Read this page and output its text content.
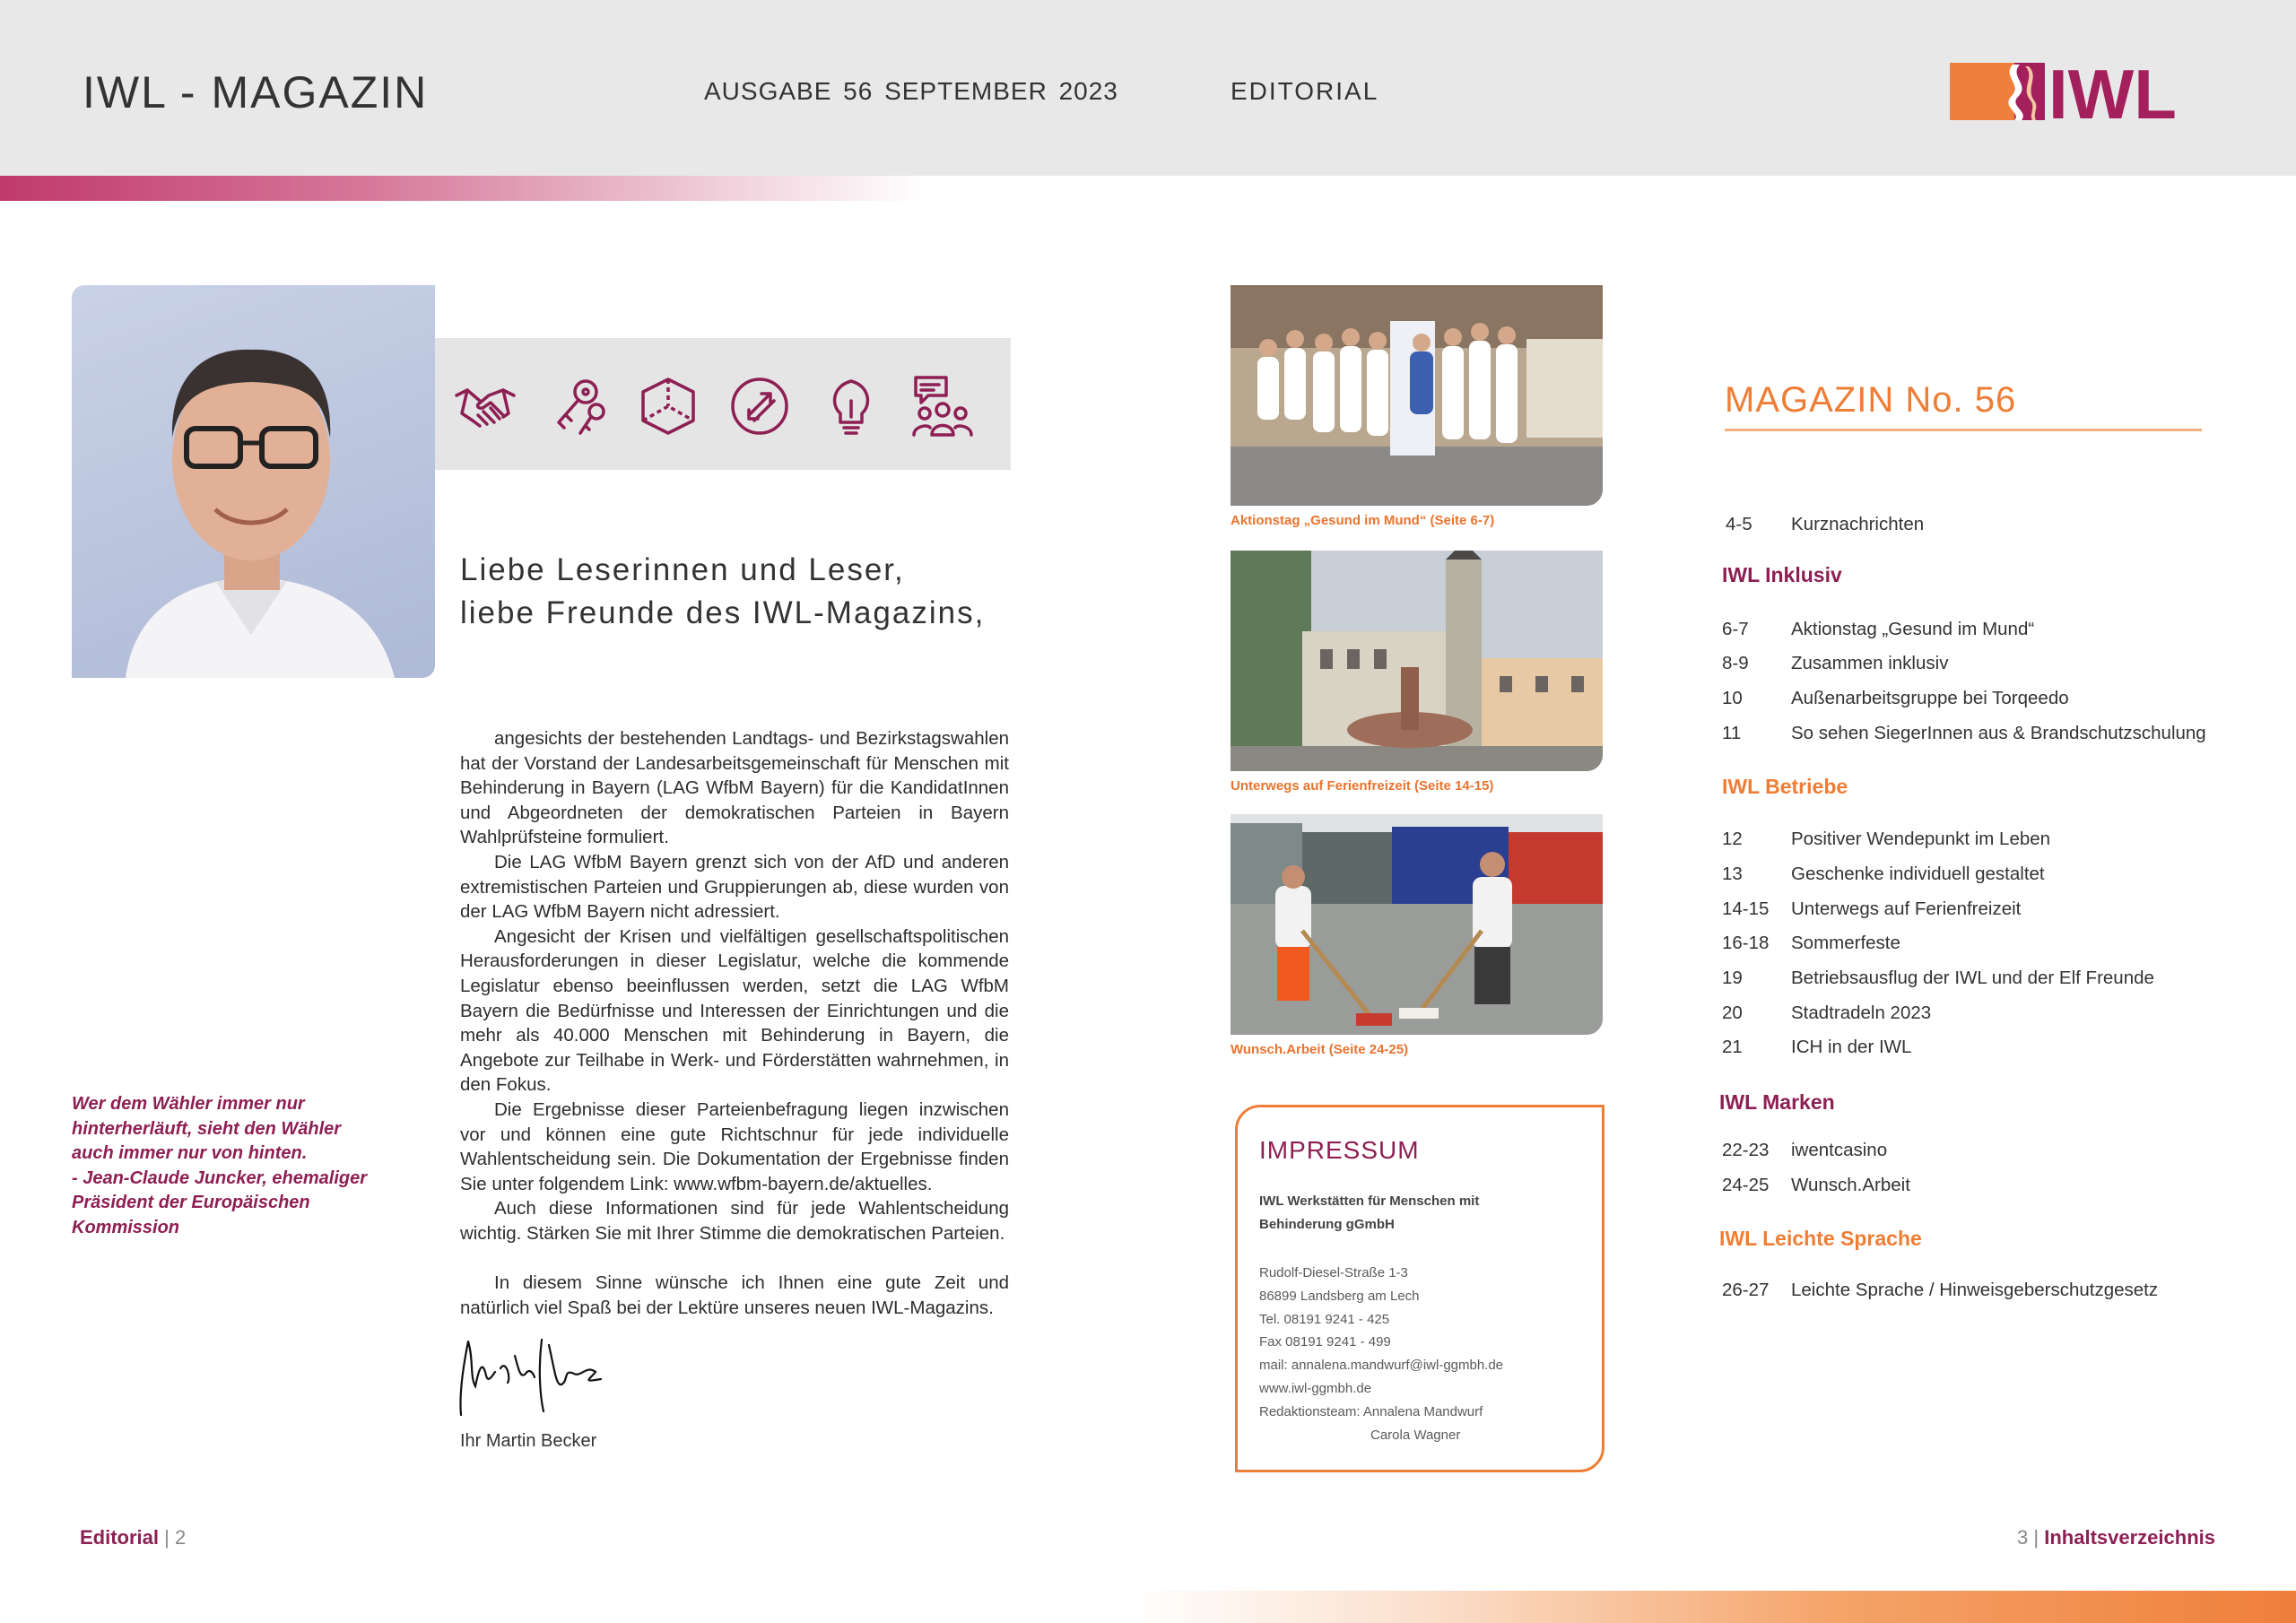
IWL - MAGAZIN	AUSGABE 56 SEPTEMBER 2023	EDITORIAL	IWL
Liebe Leserinnen und Leser,
liebe Freunde des IWL-Magazins,

angesichts der bestehenden Landtags- und Bezirkstagswahlen hat der Vorstand der Landesarbeitsgemeinschaft für Menschen mit Behinderung in Bayern (LAG WfbM Bayern) für die KandidatInnen und Abgeordneten der demokratischen Parteien in Bayern Wahlprüfsteine formuliert.

Die LAG WfbM Bayern grenzt sich von der AfD und anderen extremistischen Parteien und Gruppierungen ab, diese wurden von der LAG WfbM Bayern nicht adressiert.

Angesicht der Krisen und vielfältigen gesellschaftspolitischen Herausforderungen in dieser Legislatur, welche die kommende Legislatur ebenso beeinflussen werden, setzt die LAG WfbM Bayern die Bedürfnisse und Interessen der Einrichtungen und die mehr als 40.000 Menschen mit Behinderung in Bayern, die Angebote zur Teilhabe in Werk- und Förderstätten wahrnehmen, in den Fokus.

Die Ergebnisse dieser Parteienbefragung liegen inzwischen vor und können eine gute Richtschnur für jede individuelle Wahlentscheidung sein. Die Dokumentation der Ergebnisse finden Sie unter folgendem Link: www.wfbm-bayern.de/aktuelles.

Auch diese Informationen sind für jede Wahlentscheidung wichtig. Stärken Sie mit Ihrer Stimme die demokratischen Parteien.

In diesem Sinne wünsche ich Ihnen eine gute Zeit und natürlich viel Spaß bei der Lektüre unseres neuen IWL-Magazins.

Ihr Martin Becker
Wer dem Wähler immer nur
hinterherläuft, sieht den Wähler
auch immer nur von hinten.
- Jean-Claude Juncker, ehemaliger
Präsident der Europäischen
Kommission
Aktionstag „Gesund im Mund“ (Seite 6-7)
Unterwegs auf Ferienfreizeit (Seite 14-15)
Wunsch.Arbeit (Seite 24-25)
IMPRESSUM
IWL Werkstätten für Menschen mit
Behinderung gGmbH
Rudolf-Diesel-Straße 1-3
86899 Landsberg am Lech
Tel. 08191 9241 - 425
Fax 08191 9241 - 499
mail: annalena.mandwurf@iwl-ggmbh.de
www.iwl-ggmbh.de
Redaktionsteam: Annalena Mandwurf
Carola Wagner
MAGAZIN No. 56
4-5 Kurznachrichten
IWL Inklusiv
6-7 Aktionstag „Gesund im Mund“
8-9 Zusammen inklusiv
10	Außenarbeitsgruppe bei Torqeedo
11	So sehen SiegerInnen aus & Brandschutzschulung
IWL Betriebe
12	Positiver Wendepunkt im Leben
13	Geschenke individuell gestaltet
14-15 Unterwegs auf Ferienfreizeit
16-18 Sommerfeste
19	Betriebsausflug der IWL und der Elf Freunde
20	Stadtradeln 2023
21	ICH in der IWL
IWL Marken
22-23 iwentcasino
24-25 Wunsch.Arbeit
IWL Leichte Sprache
26-27 Leichte Sprache / Hinweisgeberschutzgesetz
Editorial | 2	3 | Inhaltsverzeichnis
